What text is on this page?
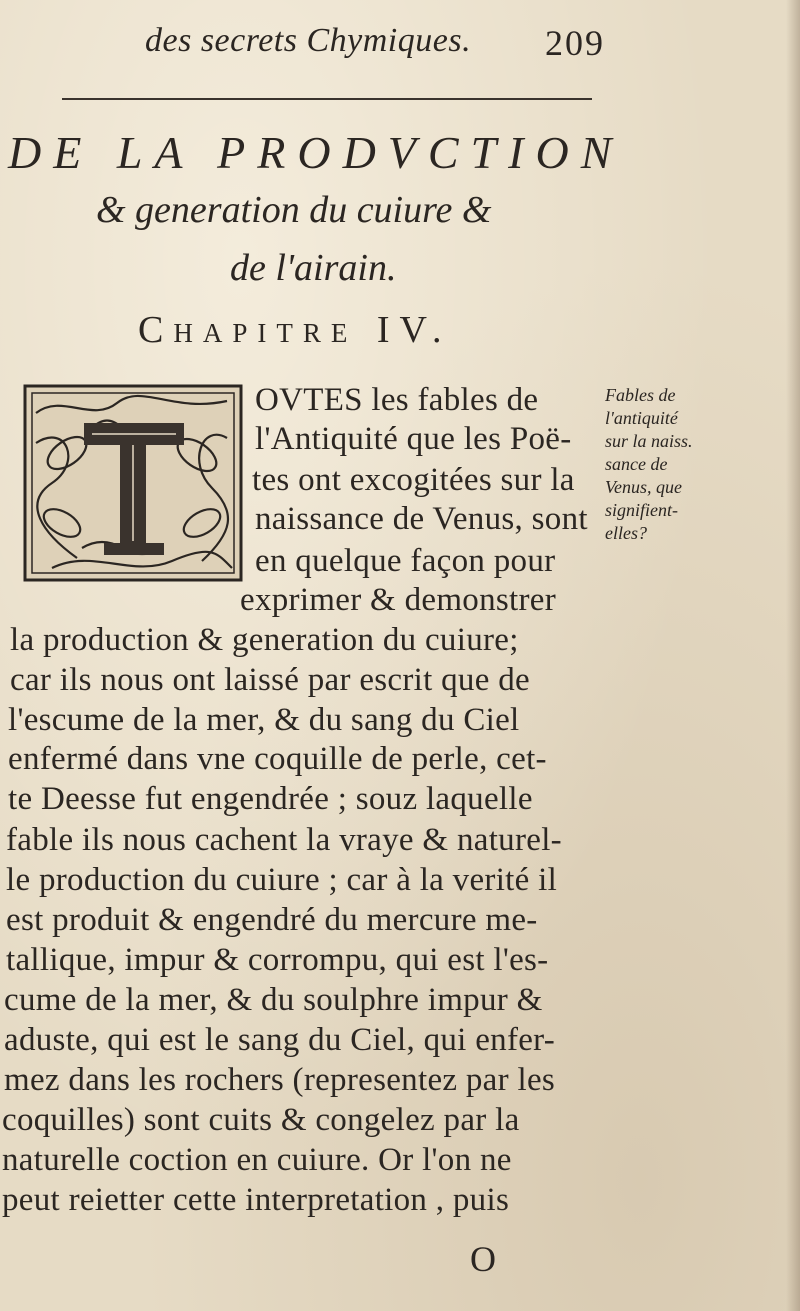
des secrets Chymiques. 209
DE LA PRODVCTION
& generation du cuiure &
de l'airain.
Chapitre IV.
OVTES les fables de
l'Antiquité que les Poë-
tes ont excogitées sur la
naissance de Venus, sont
en quelque façon pour
exprimer & demonstrer
la production & generation du cuiure;
car ils nous ont laissé par escrit que de
l'escume de la mer, & du sang du Ciel
enfermé dans vne coquille de perle, cet-
te Deesse fut engendrée ; souz laquelle
fable ils nous cachent la vraye & naturel-
le production du cuiure ; car à la verité il
est produit & engendré du mercure me-
tallique, impur & corrompu, qui est l'es-
cume de la mer, & du soulphre impur &
aduste, qui est le sang du Ciel, qui enfer-
mez dans les rochers (representez par les
coquilles) sont cuits & congelez par la
naturelle coction en cuiure. Or l'on ne
peut reietter cette interpretation , puis
Fables de
l'antiquité
sur la naiss.
sance de
Venus, que
signifient-
elles?
O
